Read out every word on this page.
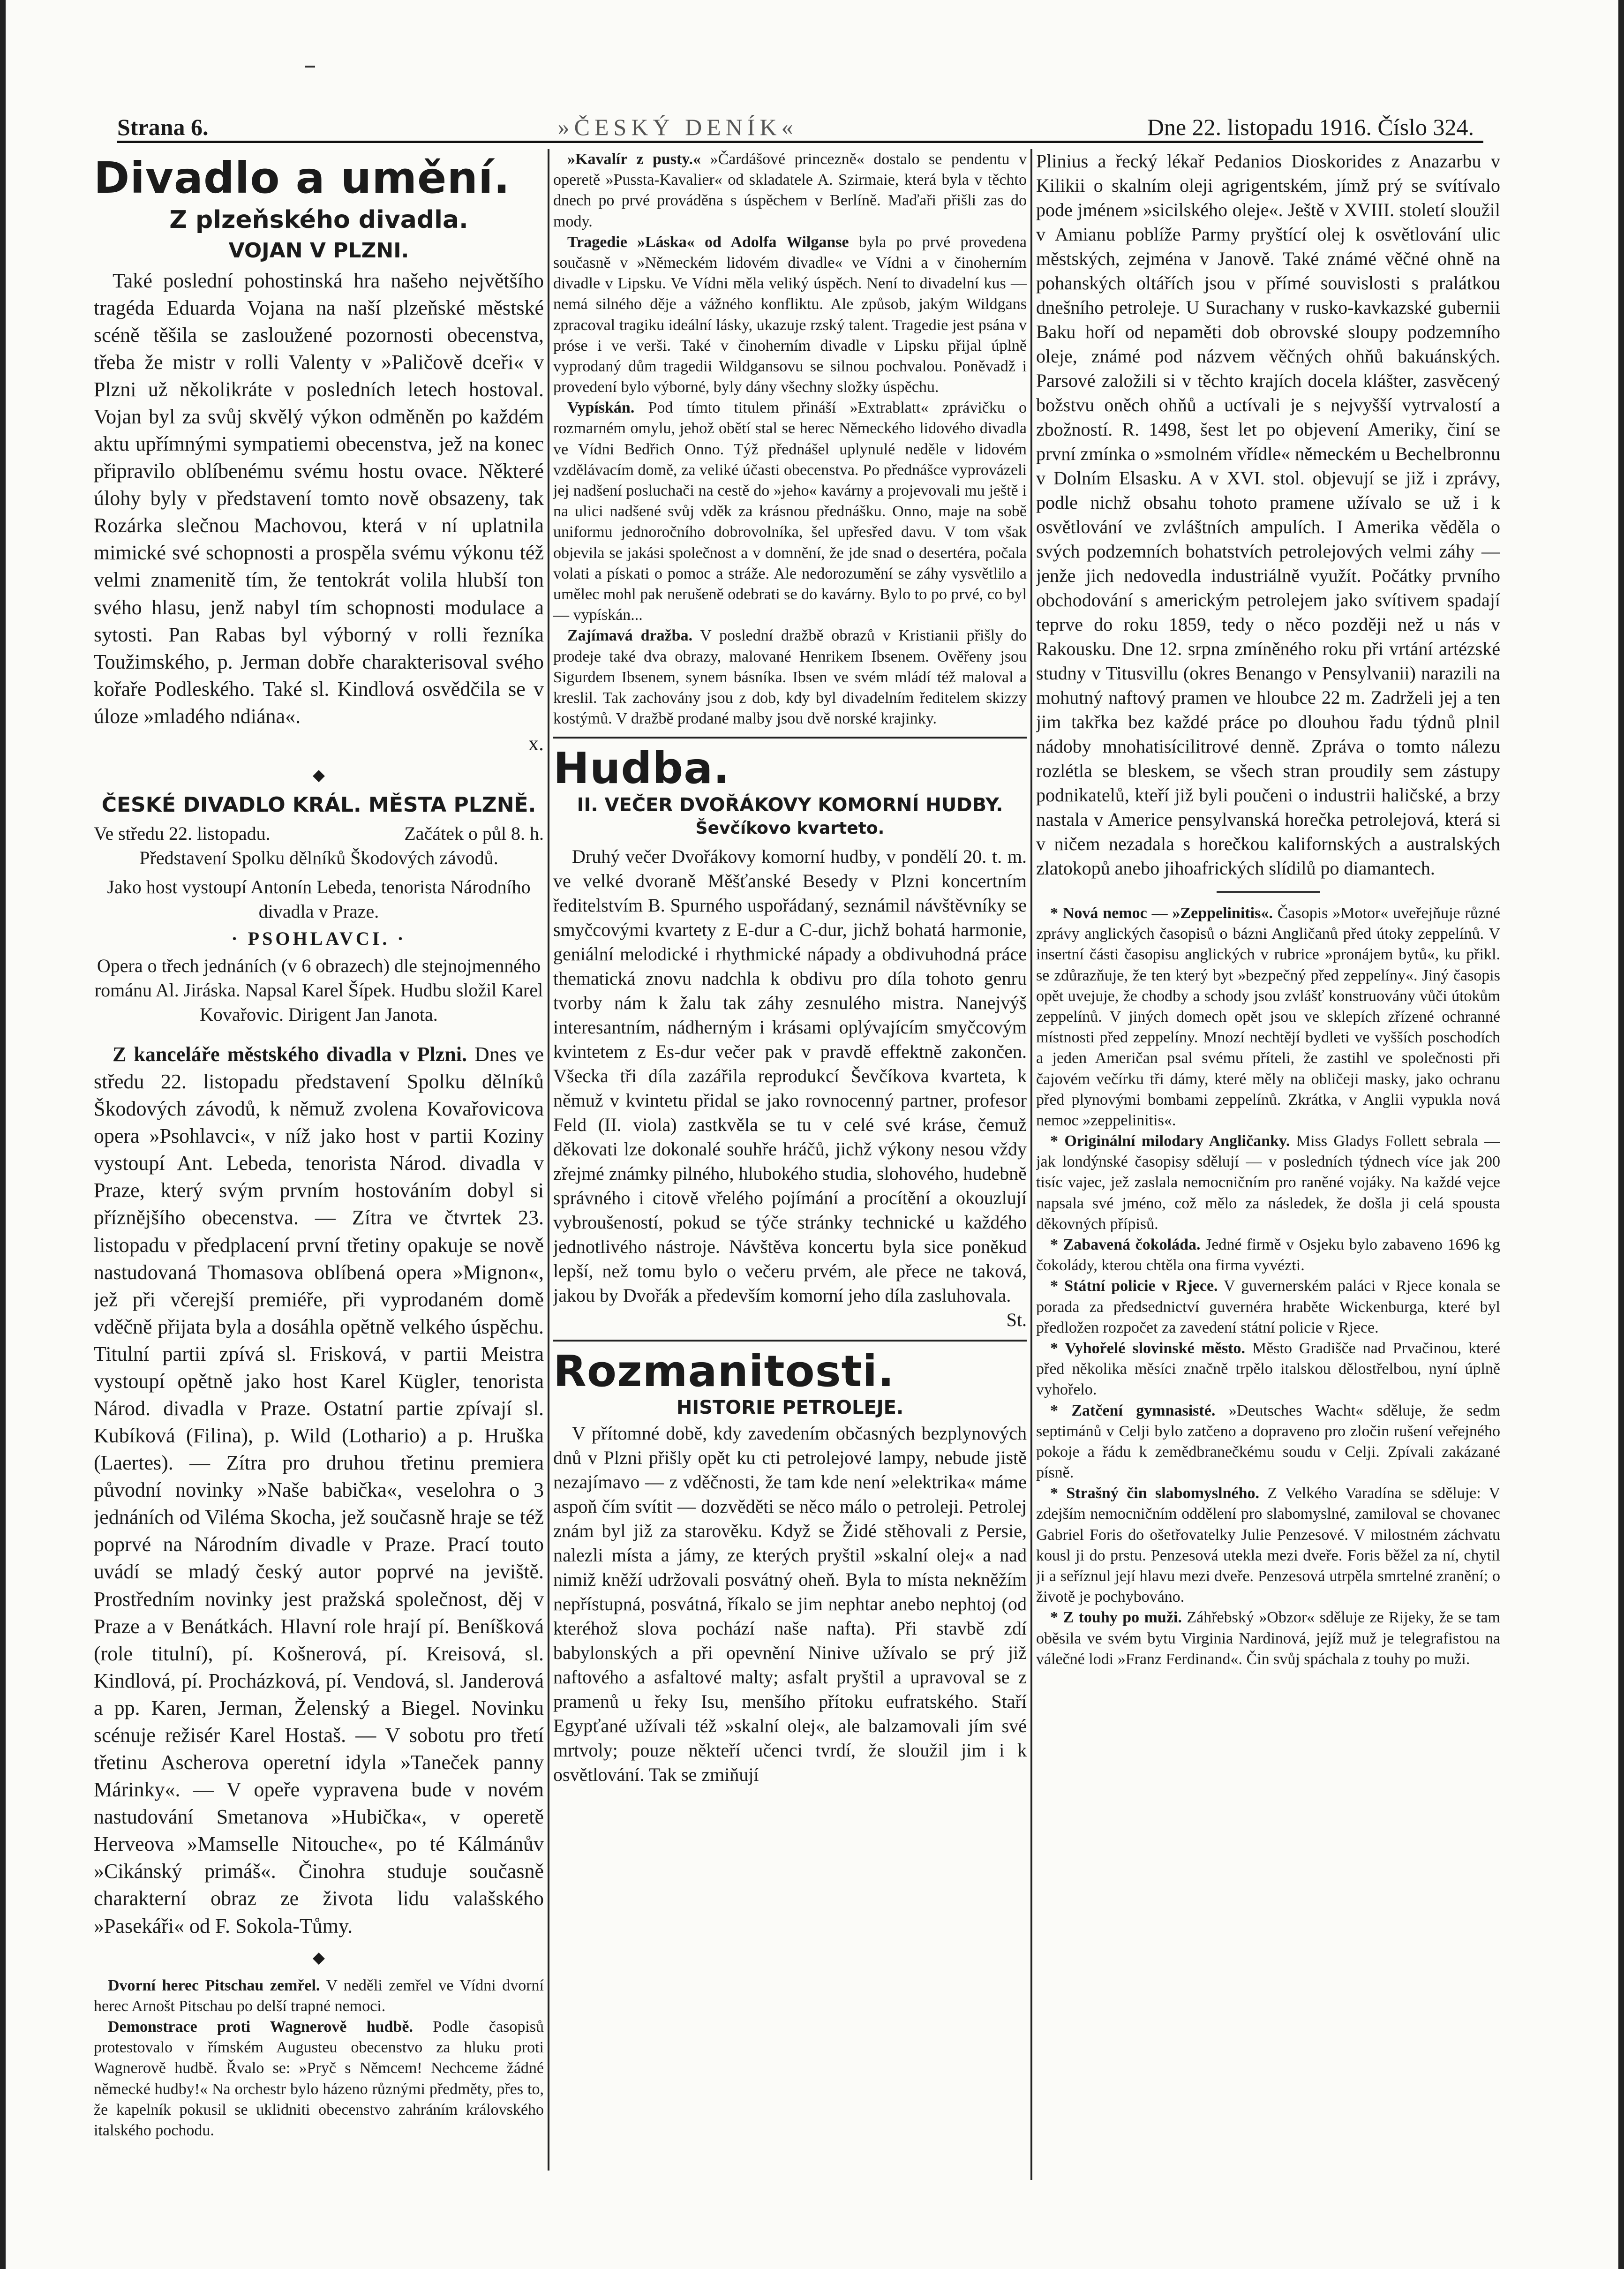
Strana 6.	»ČESKÝ DENÍK«	Dne 22. listopadu 1916. Číslo 324.
Divadlo a umění.
Z plzeňského divadla.
VOJAN V PLZNI.

Také poslední pohostinská hra našeho největšího tragéda Eduarda Vojana na naší plzeňské městské scéně těšila se zasloužené pozornosti obecenstva, třeba že mistr v rolli Valenty v »Paličově dceři« v Plzni už několikráte v posledních letech hostoval. Vojan byl za svůj skvělý výkon odměněn po každém aktu upřímnými sympatiemi obecenstva, jež na konec připravilo oblíbenému svému hostu ovace. Některé úlohy byly v představení tomto nově obsazeny, tak Rozárka slečnou Machovou, která v ní uplatnila mimické své schopnosti a prospěla svému výkonu též velmi znamenitě tím, že tentokrát volila hlubší ton svého hlasu, jenž nabyl tím schopnosti modulace a sytosti. Pan Rabas byl výborný v rolli řezníka Toužimského, p. Jerman dobře charakterisoval svého kořaře Podleského. Také sl. Kindlová osvědčila se v úloze »mladého ndiána«.

x.

◆
ČESKÉ DIVADLO KRÁL. MĚSTA PLZNĚ.

Ve středu 22. listopadu.	Začátek o půl 8. h.

Představení Spolku dělníků Škodových závodů.

Jako host vystoupí Antonín Lebeda, tenorista Národního divadla v Praze.

· PSOHLAVCI. ·

Opera o třech jednáních (v 6 obrazech) dle stejnojmenného románu Al. Jiráska. Napsal Karel Šípek. Hudbu složil Karel Kovařovic. Dirigent Jan Janota.

Z kanceláře městského divadla v Plzni. Dnes ve středu 22. listopadu představení Spolku dělníků Škodových závodů, k němuž zvolena Kovařovicova opera »Psohlavci«, v níž jako host v partii Koziny vystoupí Ant. Lebeda, tenorista Národ. divadla v Praze, který svým prvním hostováním dobyl si příznějšího obecenstva. — Zítra ve čtvrtek 23. listopadu v předplacení první třetiny opakuje se nově nastudovaná Thomasova oblíbená opera »Mignon«, jež při včerejší premiéře, při vyprodaném domě vděčně přijata byla a dosáhla opětně velkého úspěchu. Titulní partii zpívá sl. Frisková, v partii Meistra vystoupí opětně jako host Karel Kügler, tenorista Národ. divadla v Praze. Ostatní partie zpívají sl. Kubíková (Filina), p. Wild (Lothario) a p. Hruška (Laertes). — Zítra pro druhou třetinu premiera původní novinky »Naše babička«, veselohra o 3 jednáních od Viléma Skocha, jež současně hraje se též poprvé na Národním divadle v Praze. Prací touto uvádí se mladý český autor poprvé na jeviště. Prostředním novinky jest pražská společnost, děj v Praze a v Benátkách. Hlavní role hrají pí. Beníšková (role titulní), pí. Košnerová, pí. Kreisová, sl. Kindlová, pí. Procházková, pí. Vendová, sl. Janderová a pp. Karen, Jerman, Želenský a Biegel. Novinku scénuje režisér Karel Hostaš. — V sobotu pro třetí třetinu Ascherova operetní idyla »Taneček panny Márinky«. — V opeře vypravena bude v novém nastudování Smetanova »Hubička«, v operetě Herveova »Mamselle Nitouche«, po té Kálmánův »Cikánský primáš«. Činohra studuje současně charakterní obraz ze života lidu valašského »Pasekáři« od F. Sokola-Tůmy.

◆

Dvorní herec Pitschau zemřel. V neděli zemřel ve Vídni dvorní herec Arnošt Pitschau po delší trapné nemoci.

Demonstrace proti Wagnerově hudbě. Podle časopisů protestovalo v římském Augusteu obecenstvo za hluku proti Wagnerově hudbě. Řvalo se: »Pryč s Němcem! Nechceme žádné německé hudby!« Na orchestr bylo házeno různými předměty, přes to, že kapelník pokusil se uklidniti obecenstvo zahráním královského italského pochodu.

»Kavalír z pusty.« »Čardášové princezně« dostalo se pendentu v operetě »Pussta-Kavalier« od skladatele A. Szirmaie, která byla v těchto dnech po prvé prováděna s úspěchem v Berlíně. Maďaři přišli zas do mody.

Tragedie »Láska« od Adolfa Wilganse byla po prvé provedena současně v »Německém lidovém divadle« ve Vídni a v činoherním divadle v Lipsku. Ve Vídni měla veliký úspěch. Není to divadelní kus — nemá silného děje a vážného konfliktu. Ale způsob, jakým Wildgans zpracoval tragiku ideální lásky, ukazuje rzský talent. Tragedie jest psána v próse i ve verši. Také v činoherním divadle v Lipsku přijal úplně vyprodaný dům tragedii Wildgansovu se silnou pochvalou. Poněvadž i provedení bylo výborné, byly dány všechny složky úspěchu.

Vypískán. Pod tímto titulem přináší »Extrablatt« zprávičku o rozmarném omylu, jehož obětí stal se herec Německého lidového divadla ve Vídni Bedřich Onno. Týž přednášel uplynulé neděle v lidovém vzdělávacím domě, za veliké účasti obecenstva. Po přednášce vyprovázeli jej nadšení posluchači na cestě do »jeho« kavárny a projevovali mu ještě i na ulici nadšené svůj vděk za krásnou přednášku. Onno, maje na sobě uniformu jednoročního dobrovolníka, šel upřesřed davu. V tom však objevila se jakási společnost a v domnění, že jde snad o desertéra, počala volati a pískati o pomoc a stráže. Ale nedorozumění se záhy vysvětlilo a umělec mohl pak nerušeně odebrati se do kavárny. Bylo to po prvé, co byl — vypískán...

Zajímavá dražba. V poslední dražbě obrazů v Kristianii přišly do prodeje také dva obrazy, malované Henrikem Ibsenem. Ověřeny jsou Sigurdem Ibsenem, synem básníka. Ibsen ve svém mládí též maloval a kreslil. Tak zachovány jsou z dob, kdy byl divadelním ředitelem skizzy kostýmů. V dražbě prodané malby jsou dvě norské krajinky.

Hudba.
II. VEČER DVOŘÁKOVY KOMORNÍ HUDBY.
Ševčíkovo kvarteto.

Druhý večer Dvořákovy komorní hudby, v pondělí 20. t. m. ve velké dvoraně Měšťanské Besedy v Plzni koncertním ředitelstvím B. Spurného uspořádaný, seznámil návštěvníky se smyčcovými kvartety z E-dur a C-dur, jichž bohatá harmonie, geniální melodické i rhythmické nápady a obdivuhodná práce thematická znovu nadchla k obdivu pro díla tohoto genru tvorby nám k žalu tak záhy zesnulého mistra. Nanejvýš interesantním, nádherným i krásami oplývajícím smyčcovým kvintetem z Es-dur večer pak v pravdě effektně zakončen. Všecka tři díla zazářila reprodukcí Ševčíkova kvarteta, k němuž v kvintetu přidal se jako rovnocenný partner, profesor Feld (II. viola) zastkvěla se tu v celé své kráse, čemuž děkovati lze dokonalé souhře hráčů, jichž výkony nesou vždy zřejmé známky pilného, hlubokého studia, slohového, hudebně správného i citově vřelého pojímání a procítění a okouzlují vybroušeností, pokud se týče stránky technické u každého jednotlivého nástroje. Návštěva koncertu byla sice poněkud lepší, než tomu bylo o večeru prvém, ale přece ne taková, jakou by Dvořák a především komorní jeho díla zasluhovala.

St.

Rozmanitosti.
HISTORIE PETROLEJE.

V přítomné době, kdy zavedením občasných bezplynových dnů v Plzni přišly opět ku cti petrolejové lampy, nebude jistě nezajímavo — z vděčnosti, že tam kde není »elektrika« máme aspoň čím svítit — dozvěděti se něco málo o petroleji. Petrolej znám byl již za starověku. Když se Židé stěhovali z Persie, nalezli místa a jámy, ze kterých pryštil »skalní olej« a nad nimiž kněží udržovali posvátný oheň. Byla to místa nekněžím nepřístupná, posvátná, říkalo se jim nephtar anebo nephtoj (od kteréhož slova pochází naše nafta). Při stavbě zdí babylonských a při opevnění Ninive užívalo se prý již naftového a asfaltové malty; asfalt pryštil a upravoval se z pramenů u řeky Isu, menšího přítoku eufratského. Staří Egypťané užívali též »skalní olej«, ale balzamovali jím své mrtvoly; pouze někteří učenci tvrdí, že sloužil jim i k osvětlování. Tak se zmiňují

Plinius a řecký lékař Pedanios Dioskorides z Anazarbu v Kilikii o skalním oleji agrigentském, jímž prý se svítívalo pode jménem »sicilského oleje«. Ještě v XVIII. století sloužil v Amianu poblíže Parmy pryštící olej k osvětlování ulic městských, zejména v Janově. Také známé věčné ohně na pohanských oltářích jsou v přímé souvislosti s pralátkou dnešního petroleje. U Surachany v rusko-kavkazské gubernii Baku hoří od nepaměti dob obrovské sloupy podzemního oleje, známé pod názvem věčných ohňů bakuánských. Parsové založili si v těchto krajích docela klášter, zasvěcený božstvu oněch ohňů a uctívali je s nejvyšší vytrvalostí a zbožností. R. 1498, šest let po objevení Ameriky, činí se první zmínka o »smolném vřídle« německém u Bechelbronnu v Dolním Elsasku. A v XVI. stol. objevují se již i zprávy, podle nichž obsahu tohoto pramene užívalo se už i k osvětlování ve zvláštních ampulích. I Amerika věděla o svých podzemních bohatstvích petrolejových velmi záhy — jenže jich nedovedla industriálně využít. Počátky prvního obchodování s americkým petrolejem jako svítivem spadají teprve do roku 1859, tedy o něco později než u nás v Rakousku. Dne 12. srpna zmíněného roku při vrtání artézské studny v Titusvillu (okres Benango v Pensylvanii) narazili na mohutný naftový pramen ve hloubce 22 m. Zadrželi jej a ten jim takřka bez každé práce po dlouhou řadu týdnů plnil nádoby mnohatisícilitrové denně. Zpráva o tomto nálezu rozlétla se bleskem, se všech stran proudily sem zástupy podnikatelů, kteří již byli poučeni o industrii haličské, a brzy nastala v Americe pensylvanská horečka petrolejová, která si v ničem nezadala s horečkou kalifornských a australských zlatokopů anebo jihoafrických slídilů po diamantech.

* Nová nemoc — »Zeppelinitis«. Časopis »Motor« uveřejňuje různé zprávy anglických časopisů o bázni Angličanů před útoky zeppelínů. V insertní části časopisu anglických v rubrice »pronájem bytů«, ku přikl. se zdůrazňuje, že ten který byt »bezpečný před zeppelíny«. Jiný časopis opět uvejuje, že chodby a schody jsou zvlášť konstruovány vůči útokům zeppelínů. V jiných domech opět jsou ve sklepích zřízené ochranné místnosti před zeppelíny. Mnozí nechtějí bydleti ve vyšších poschodích a jeden Američan psal svému příteli, že zastihl ve společnosti při čajovém večírku tři dámy, které měly na obličeji masky, jako ochranu před plynovými bombami zeppelínů. Zkrátka, v Anglii vypukla nová nemoc »zeppelinitis«.

* Originální milodary Angličanky. Miss Gladys Follett sebrala — jak londýnské časopisy sdělují — v posledních týdnech více jak 200 tisíc vajec, jež zaslala nemocničním pro raněné vojáky. Na každé vejce napsala své jméno, což mělo za následek, že došla ji celá spousta děkovných přípisů.

* Zabavená čokoláda. Jedné firmě v Osjeku bylo zabaveno 1696 kg čokolády, kterou chtěla ona firma vyvézti.

* Státní policie v Rjece. V guvernerském paláci v Rjece konala se porada za předsednictví guvernéra hraběte Wickenburga, které byl předložen rozpočet za zavedení státní policie v Rjece.

* Vyhořelé slovinské město. Město Gradišče nad Prvačinou, které před několika měsíci značně trpělo italskou dělostřelbou, nyní úplně vyhořelo.

* Zatčení gymnasisté. »Deutsches Wacht« sděluje, že sedm septimánů v Celji bylo zatčeno a dopraveno pro zločin rušení veřejného pokoje a řádu k zemědbranečkému soudu v Celji. Zpívali zakázané písně.

* Strašný čin slabomyslného. Z Velkého Varadína se sděluje: V zdejším nemocničním oddělení pro slabomyslné, zamiloval se chovanec Gabriel Foris do ošetřovatelky Julie Penzesové. V milostném záchvatu kousl ji do prstu. Penzesová utekla mezi dveře. Foris běžel za ní, chytil ji a seříznul její hlavu mezi dveře. Penzesová utrpěla smrtelné zranění; o životě je pochybováno.

* Z touhy po muži. Záhřebský »Obzor« sděluje ze Rijeky, že se tam oběsila ve svém bytu Virginia Nardinová, jejíž muž je telegrafistou na válečné lodi »Franz Ferdinand«. Čin svůj spáchala z touhy po muži.
